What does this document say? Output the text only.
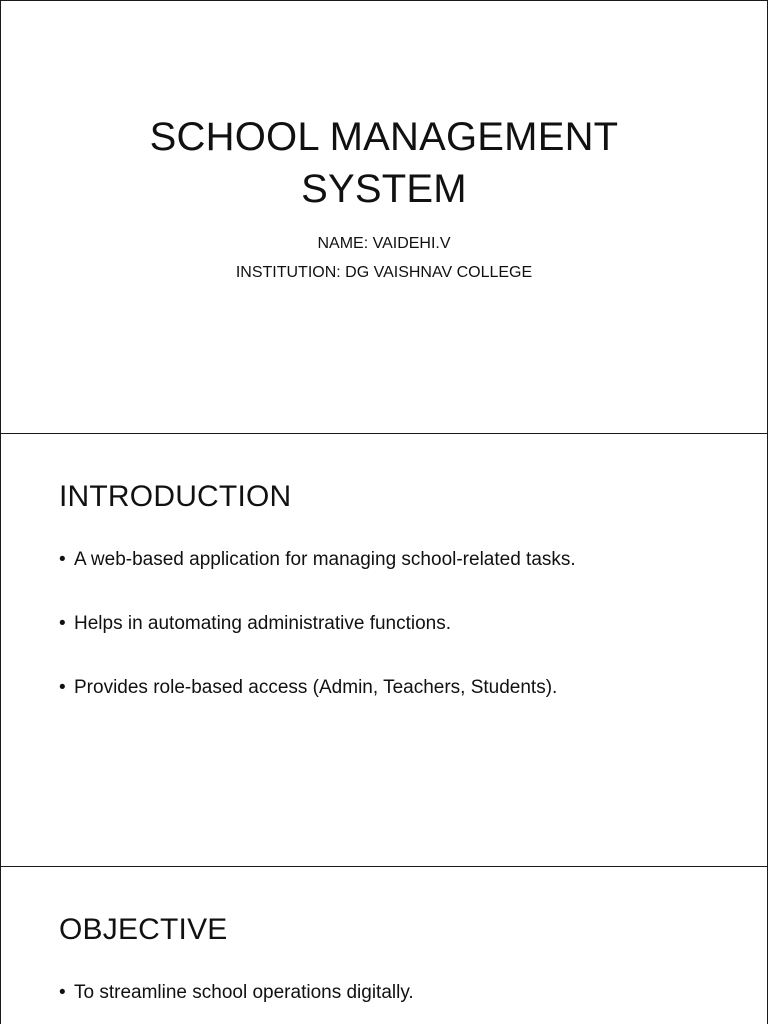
SCHOOL MANAGEMENT
SYSTEM
NAME: VAIDEHI.V
INSTITUTION: DG VAISHNAV COLLEGE
INTRODUCTION
• A web-based application for managing school-related tasks.
• Helps in automating administrative functions.
• Provides role-based access (Admin, Teachers, Students).
OBJECTIVE
• To streamline school operations digitally.
